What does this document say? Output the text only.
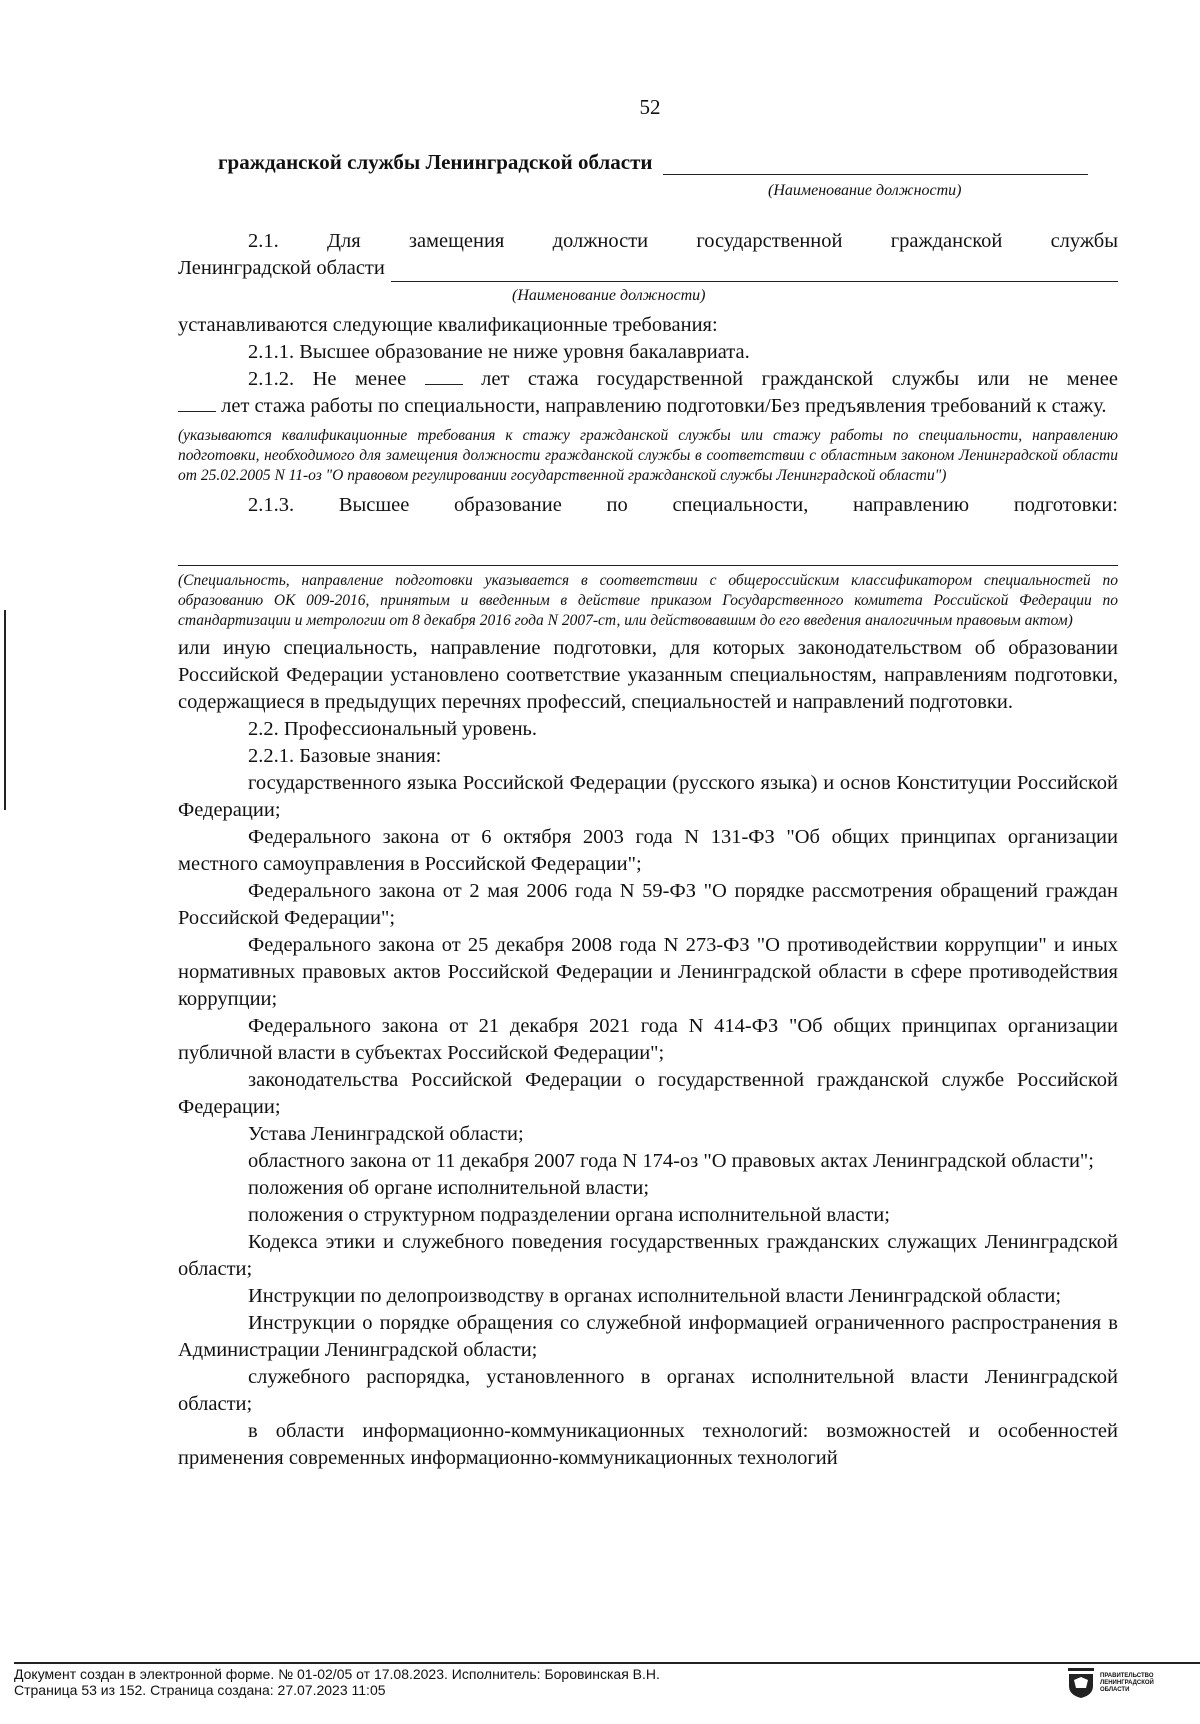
52
гражданской службы Ленинградской области
(Наименование должности)

2.1. Для замещения должности государственной гражданской службы

Ленинградской области

(Наименование должности)

устанавливаются следующие квалификационные требования:

2.1.1. Высшее образование не ниже уровня бакалавриата.

2.1.2. Не менее	лет стажа государственной гражданской службы или не менее

лет стажа работы по специальности, направлению подготовки/Без предъявления требований к стажу.

(указываются квалификационные требования к стажу гражданской службы или стажу работы по специальности, направлению подготовки, необходимого для замещения должности гражданской службы в соответствии с областным законом Ленинградской области от 25.02.2005 N 11-оз "О правовом регулировании государственной гражданской службы Ленинградской области")

2.1.3. Высшее образование по специальности, направлению подготовки:

(Специальность, направление подготовки указывается в соответствии с общероссийским классификатором специальностей по образованию ОК 009-2016, принятым и введенным в действие приказом Государственного комитета Российской Федерации по стандартизации и метрологии от 8 декабря 2016 года N 2007-ст, или действовавшим до его введения аналогичным правовым актом)

или иную специальность, направление подготовки, для которых законодательством об образовании Российской Федерации установлено соответствие указанным специальностям, направлениям подготовки, содержащиеся в предыдущих перечнях профессий, специальностей и направлений подготовки.

2.2. Профессиональный уровень.

2.2.1. Базовые знания:

государственного языка Российской Федерации (русского языка) и основ Конституции Российской Федерации;

Федерального закона от 6 октября 2003 года N 131-ФЗ "Об общих принципах организации местного самоуправления в Российской Федерации";

Федерального закона от 2 мая 2006 года N 59-ФЗ "О порядке рассмотрения обращений граждан Российской Федерации";

Федерального закона от 25 декабря 2008 года N 273-ФЗ "О противодействии коррупции" и иных нормативных правовых актов Российской Федерации и Ленинградской области в сфере противодействия коррупции;

Федерального закона от 21 декабря 2021 года N 414-ФЗ "Об общих принципах организации публичной власти в субъектах Российской Федерации";

законодательства Российской Федерации о государственной гражданской службе Российской Федерации;

Устава Ленинградской области;

областного закона от 11 декабря 2007 года N 174-оз "О правовых актах Ленинградской области";

положения об органе исполнительной власти;

положения о структурном подразделении органа исполнительной власти;

Кодекса этики и служебного поведения государственных гражданских служащих Ленинградской области;

Инструкции по делопроизводству в органах исполнительной власти Ленинградской области;

Инструкции о порядке обращения со служебной информацией ограниченного распространения в Администрации Ленинградской области;

служебного распорядка, установленного в органах исполнительной власти Ленинградской области;

в области информационно-коммуникационных технологий: возможностей и особенностей применения современных информационно-коммуникационных технологий

Документ создан в электронной форме. № 01-02/05 от 17.08.2023. Исполнитель: Боровинская В.Н.
Страница 53 из 152. Страница создана: 27.07.2023 11:05
ПРАВИТЕЛЬСТВО ЛЕНИНГРАДСКОЙ ОБЛАСТИ
